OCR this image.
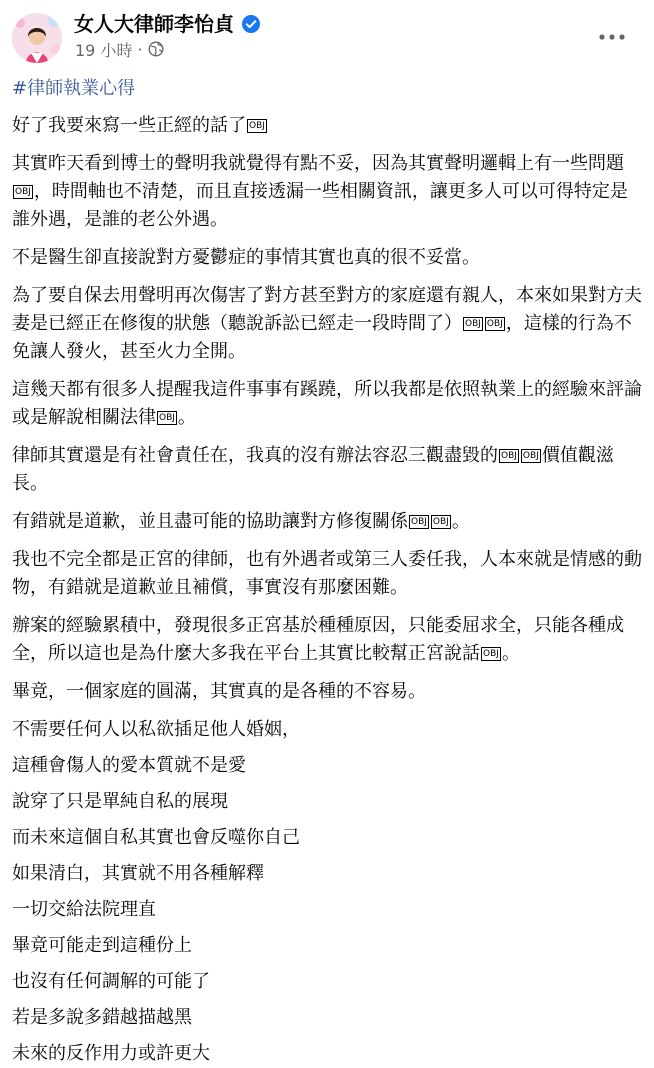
女人大律師李怡貞
19 小時 ·
#律師執業心得

好了我要來寫一些正經的話了 OBJ

其實昨天看到博士的聲明我就覺得有點不妥，因為其實聲明邏輯上有一些問題OBJ ，時間軸也不清楚，而且直接透漏一些相關資訊，讓更多人可以可得特定是誰外遇，是誰的老公外遇。

不是醫生卻直接說對方憂鬱症的事情其實也真的很不妥當。

為了要自保去用聲明再次傷害了對方甚至對方的家庭還有親人，本來如果對方夫妻是已經正在修復的狀態（聽說訴訟已經走一段時間了） OBJ OBJ ，這樣的行為不免讓人發火，甚至火力全開。

這幾天都有很多人提醒我這件事事有蹊蹺，所以我都是依照執業上的經驗來評論或是解說相關法律 OBJ 。

律師其實還是有社會責任在，我真的沒有辦法容忍三觀盡毀的 OBJ OBJ 價值觀滋長。

有錯就是道歉，並且盡可能的協助讓對方修復關係 OBJ OBJ 。

我也不完全都是正宮的律師，也有外遇者或第三人委任我，人本來就是情感的動物，有錯就是道歉並且補償，事實沒有那麼困難。

辦案的經驗累積中，發現很多正宮基於種種原因，只能委屈求全，只能各種成全，所以這也是為什麼大多我在平台上其實比較幫正宮說話 OBJ 。

畢竟，一個家庭的圓滿，其實真的是各種的不容易。

不需要任何人以私欲插足他人婚姻，

這種會傷人的愛本質就不是愛

說穿了只是單純自私的展現

而未來這個自私其實也會反噬你自己

如果清白，其實就不用各種解釋

一切交給法院理直

畢竟可能走到這種份上

也沒有任何調解的可能了

若是多說多錯越描越黑

未來的反作用力或許更大
